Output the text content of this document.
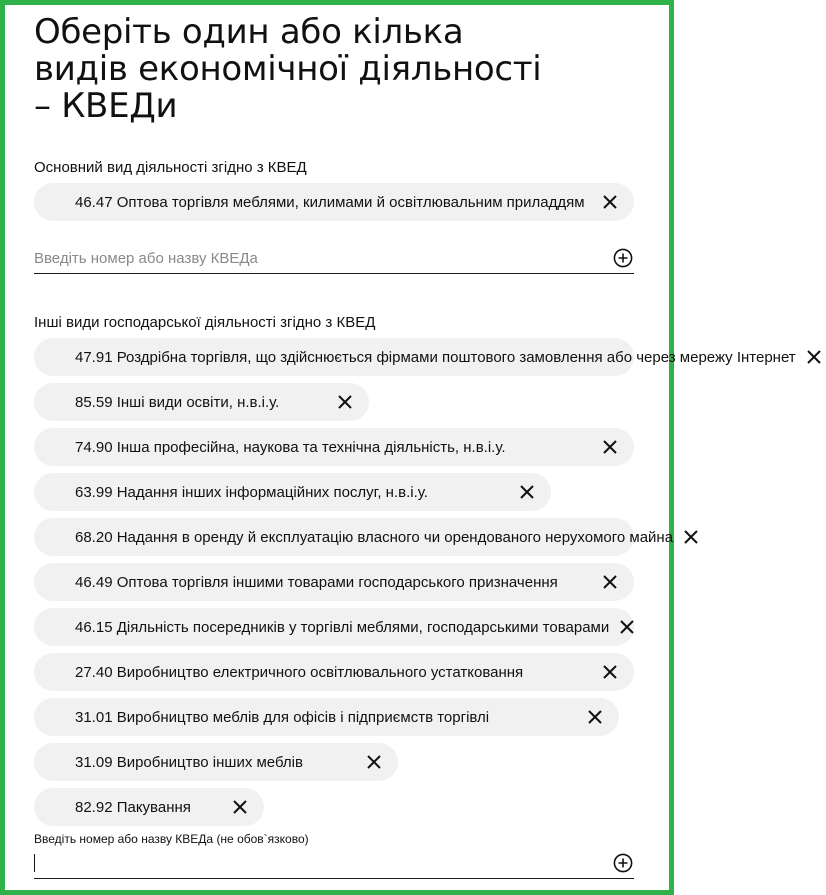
Оберіть один або кілька видів економічної діяльності – КВЕДи

Основний вид діяльності згідно з КВЕД

46.47 Оптова торгівля меблями, килимами й освітлювальним приладдям
Введіть номер або назву КВЕДа

Інші види господарської діяльності згідно з КВЕД

47.91 Роздрібна торгівля, що здійснюється фірмами поштового замовлення або через мережу Інтернет
85.59 Інші види освіти, н.в.і.у.
74.90 Інша професійна, наукова та технічна діяльність, н.в.і.у.
63.99 Надання інших інформаційних послуг, н.в.і.у.
68.20 Надання в оренду й експлуатацію власного чи орендованого нерухомого майна
46.49 Оптова торгівля іншими товарами господарського призначення
46.15 Діяльність посередників у торгівлі меблями, господарськими товарами
27.40 Виробництво електричного освітлювального устатковання
31.01 Виробництво меблів для офісів і підприємств торгівлі
31.09 Виробництво інших меблів
82.92 Пакування
Введіть номер або назву КВЕДа (не обов`язково)
